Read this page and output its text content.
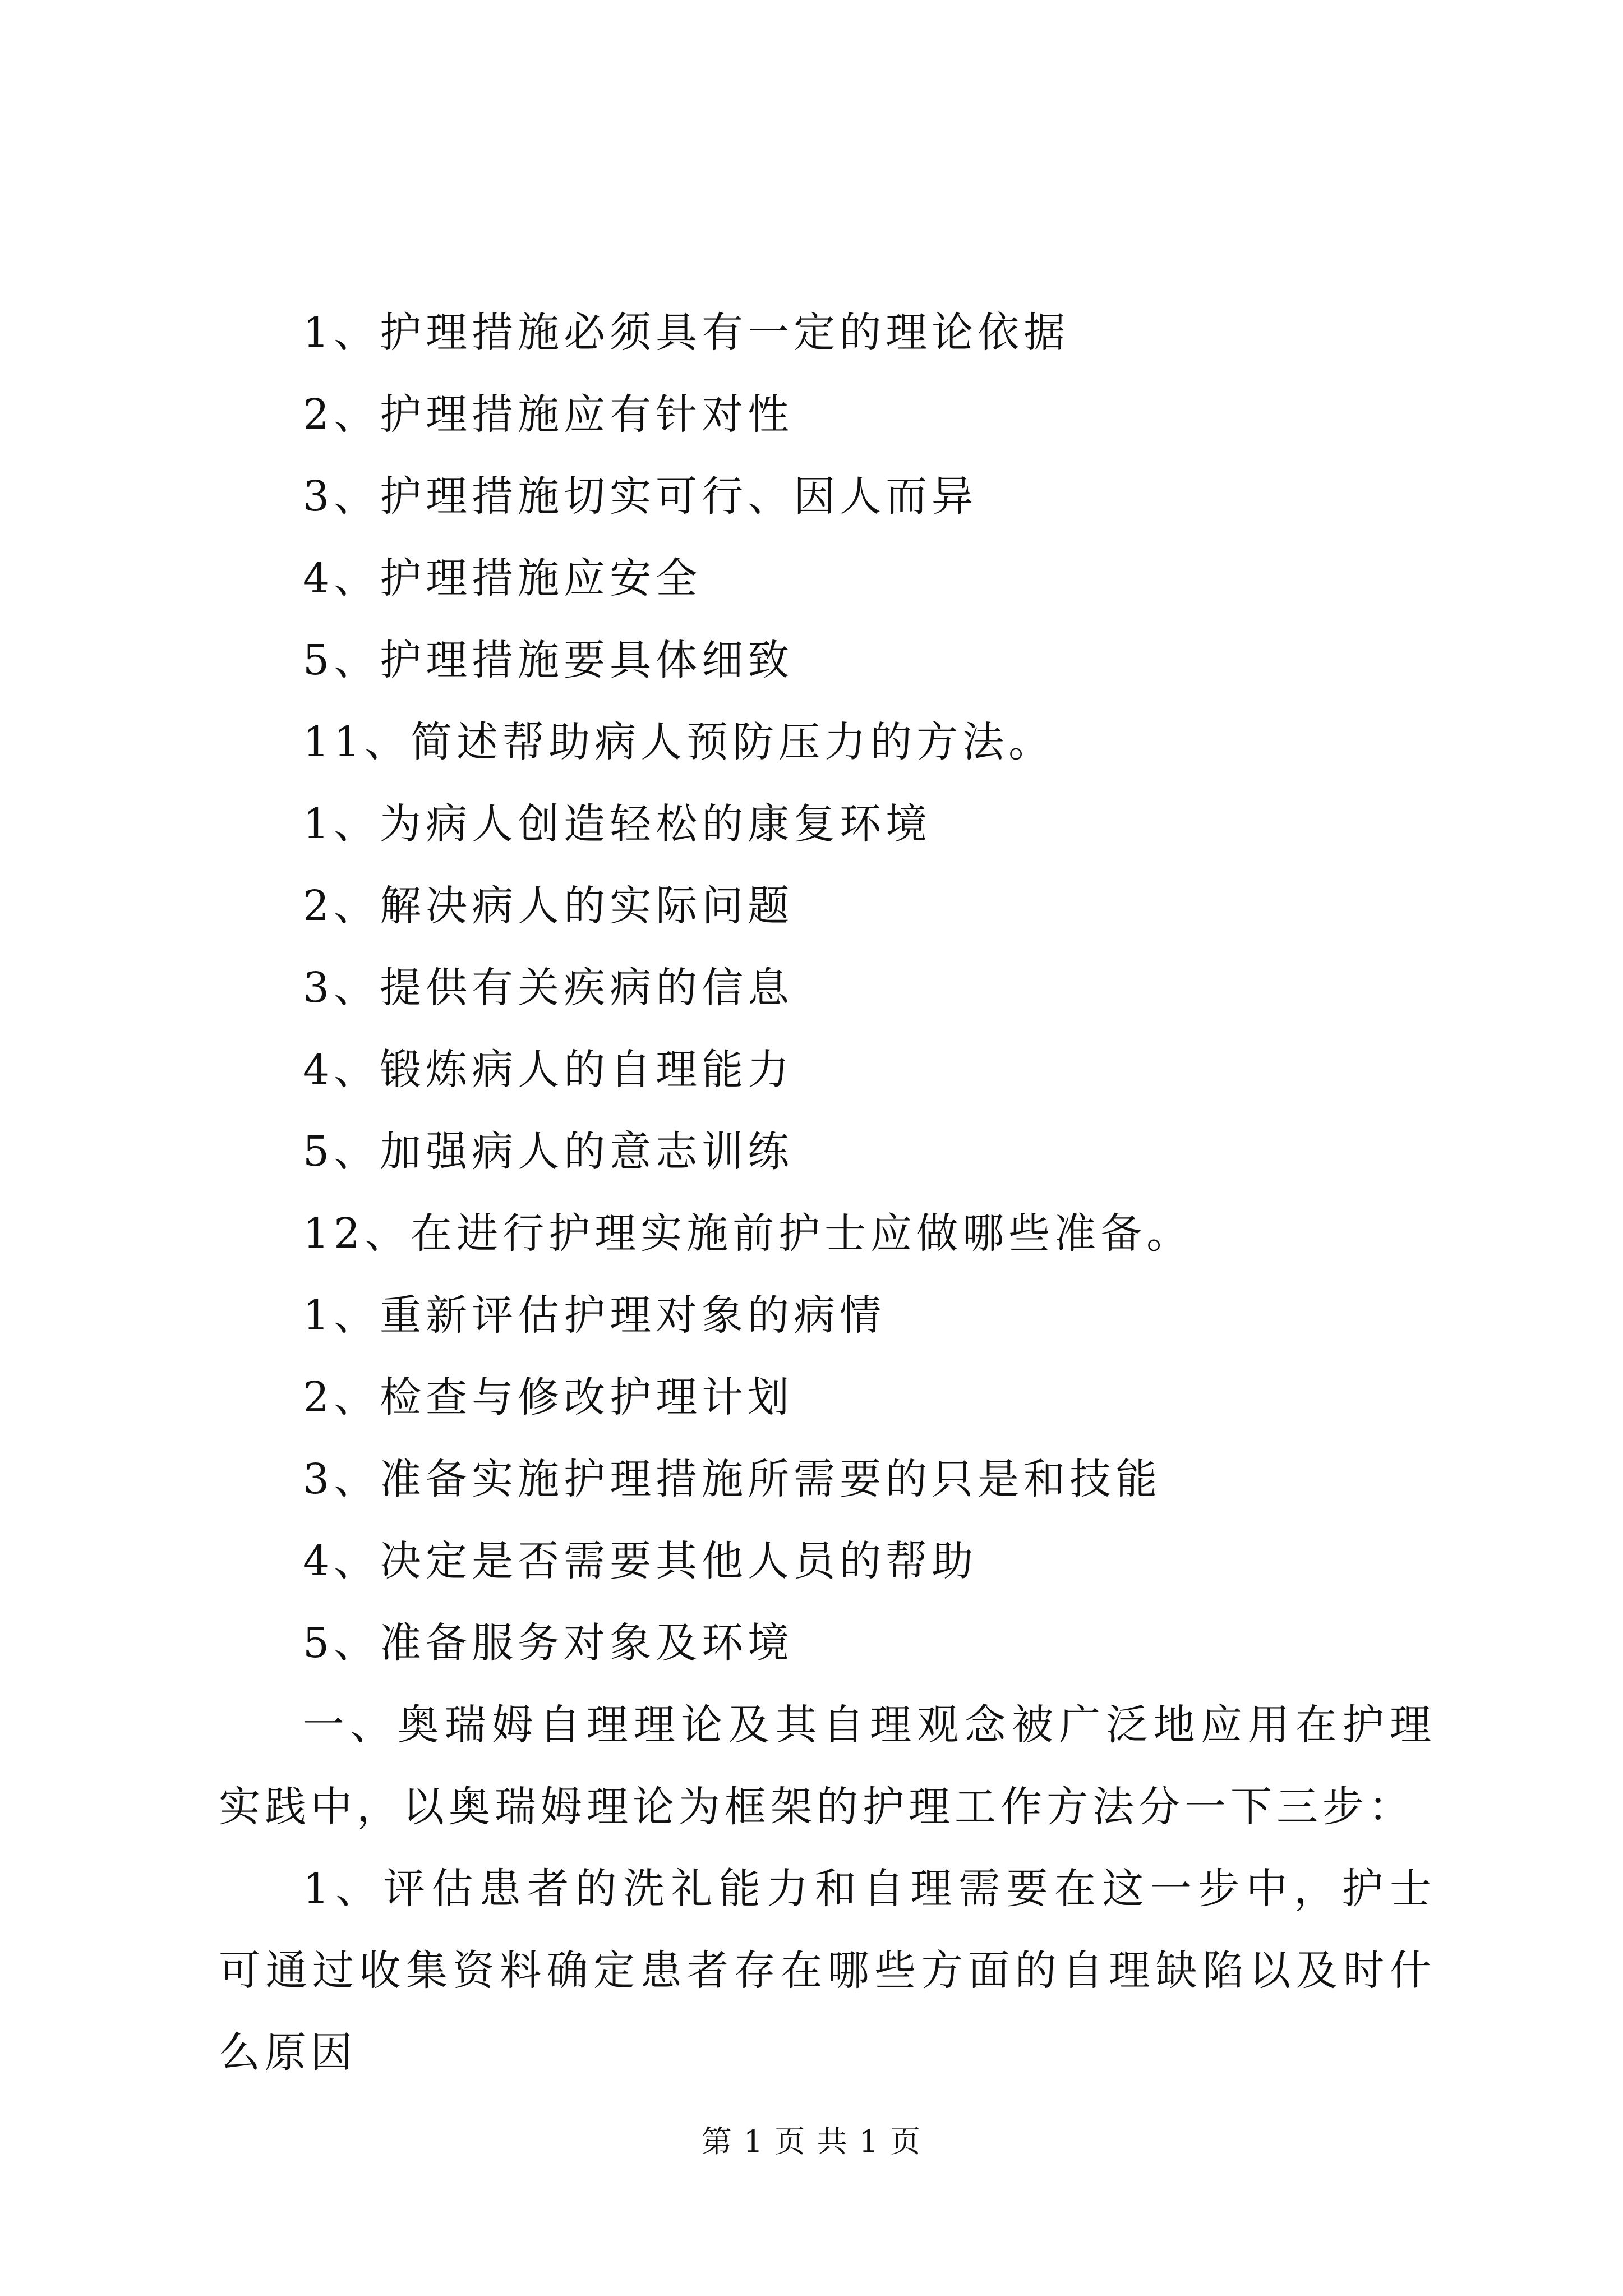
1、护理措施必须具有一定的理论依据
2、护理措施应有针对性
3、护理措施切实可行、因人而异
4、护理措施应安全
5、护理措施要具体细致
11、简述帮助病人预防压力的方法。
1、为病人创造轻松的康复环境
2、解决病人的实际问题
3、提供有关疾病的信息
4、锻炼病人的自理能力
5、加强病人的意志训练
12、在进行护理实施前护士应做哪些准备。
1、重新评估护理对象的病情
2、检查与修改护理计划
3、准备实施护理措施所需要的只是和技能
4、决定是否需要其他人员的帮助
5、准备服务对象及环境
一、奥瑞姆自理理论及其自理观念被广泛地应用在护理实践中，以奥瑞姆理论为框架的护理工作方法分一下三步：
1、评估患者的洗礼能力和自理需要在这一步中，护士可通过收集资料确定患者存在哪些方面的自理缺陷以及时什么原因
第 1 页 共 1 页
